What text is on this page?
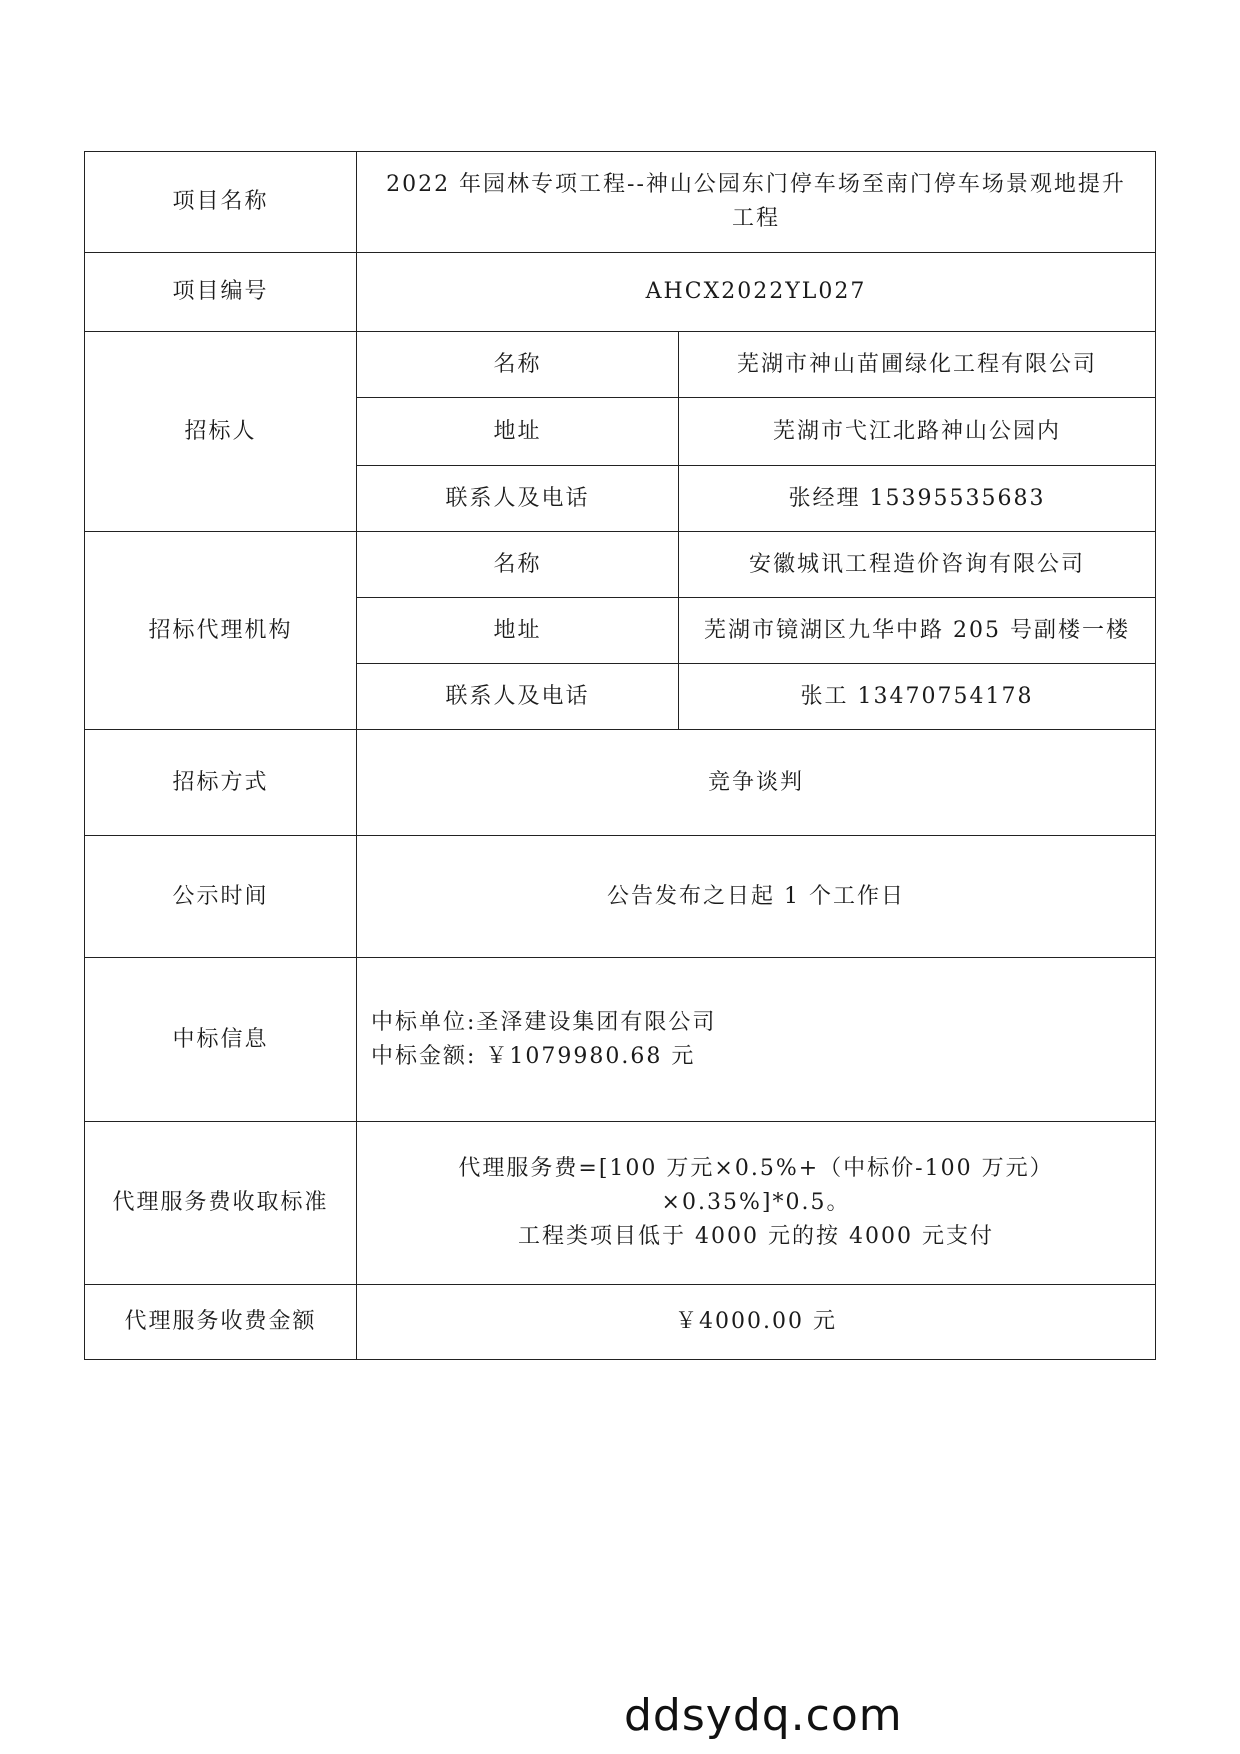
项目名称	2022 年园林专项工程--神山公园东门停车场至南门停车场景观地提升
工程	

项目编号	AHCX2022YL027	
招标人	名称	芜湖市神山苗圃绿化工程有限公司
	地址	芜湖市弋江北路神山公园内
	联系人及电话	张经理 15395535683
招标代理机构	名称	安徽城讯工程造价咨询有限公司
	地址	芜湖市镜湖区九华中路 205 号副楼一楼
	联系人及电话	张工 13470754178
招标方式	竞争谈判	
公示时间	公告发布之日起 1 个工作日	
中标信息	中标单位:圣泽建设集团有限公司
中标金额: ￥1079980.68 元	

代理服务费收取标准	代理服务费=[100 万元×0.5%+（中标价-100 万元）×0.35%]*0.5。
工程类项目低于 4000 元的按 4000 元支付	

代理服务收费金额	￥4000.00 元	
ddsydq.com
